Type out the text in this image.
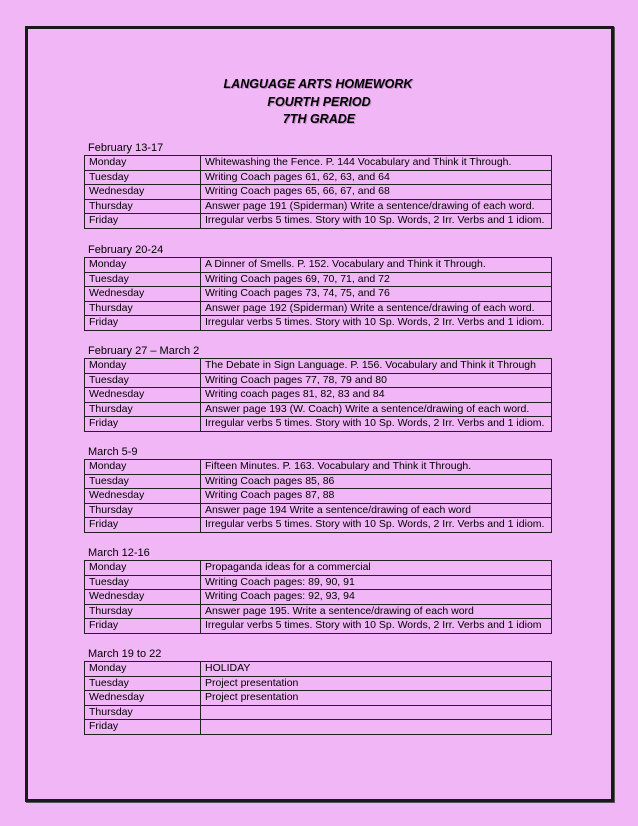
LANGUAGE ARTS HOMEWORK
FOURTH PERIOD
7TH GRADE
February 13-17
Monday	Whitewashing the Fence. P. 144 Vocabulary and Think it Through.
Tuesday	Writing Coach pages 61, 62, 63, and 64
Wednesday	Writing Coach pages 65, 66, 67, and 68
Thursday	Answer page 191 (Spiderman) Write a sentence/drawing of each word.
Friday	Irregular verbs 5 times. Story with 10 Sp. Words, 2 Irr. Verbs and 1 idiom.
February 20-24
Monday	A Dinner of Smells. P. 152. Vocabulary and Think it Through.
Tuesday	Writing Coach pages 69, 70, 71, and 72
Wednesday	Writing Coach pages 73, 74, 75, and 76
Thursday	Answer page 192 (Spiderman) Write a sentence/drawing of each word.
Friday	Irregular verbs 5 times. Story with 10 Sp. Words, 2 Irr. Verbs and 1 idiom.
February 27 – March 2
Monday	The Debate in Sign Language. P. 156. Vocabulary and Think it Through
Tuesday	Writing Coach pages 77, 78, 79 and 80
Wednesday	Writing coach pages 81, 82, 83 and 84
Thursday	Answer page 193 (W. Coach) Write a sentence/drawing of each word.
Friday	Irregular verbs 5 times. Story with 10 Sp. Words, 2 Irr. Verbs and 1 idiom.
March 5-9
Monday	Fifteen Minutes. P. 163. Vocabulary and Think it Through.
Tuesday	Writing Coach pages 85, 86
Wednesday	Writing Coach pages 87, 88
Thursday	Answer page 194 Write a sentence/drawing of each word
Friday	Irregular verbs 5 times. Story with 10 Sp. Words, 2 Irr. Verbs and 1 idiom.
March 12-16
Monday	Propaganda ideas for a commercial
Tuesday	Writing Coach pages: 89, 90, 91
Wednesday	Writing Coach pages: 92, 93, 94
Thursday	Answer page 195. Write a sentence/drawing of each word
Friday	Irregular verbs 5 times. Story with 10 Sp. Words, 2 Irr. Verbs and 1 idiom
March 19 to 22
Monday	HOLIDAY
Tuesday	Project presentation
Wednesday	Project presentation
Thursday	
Friday	
